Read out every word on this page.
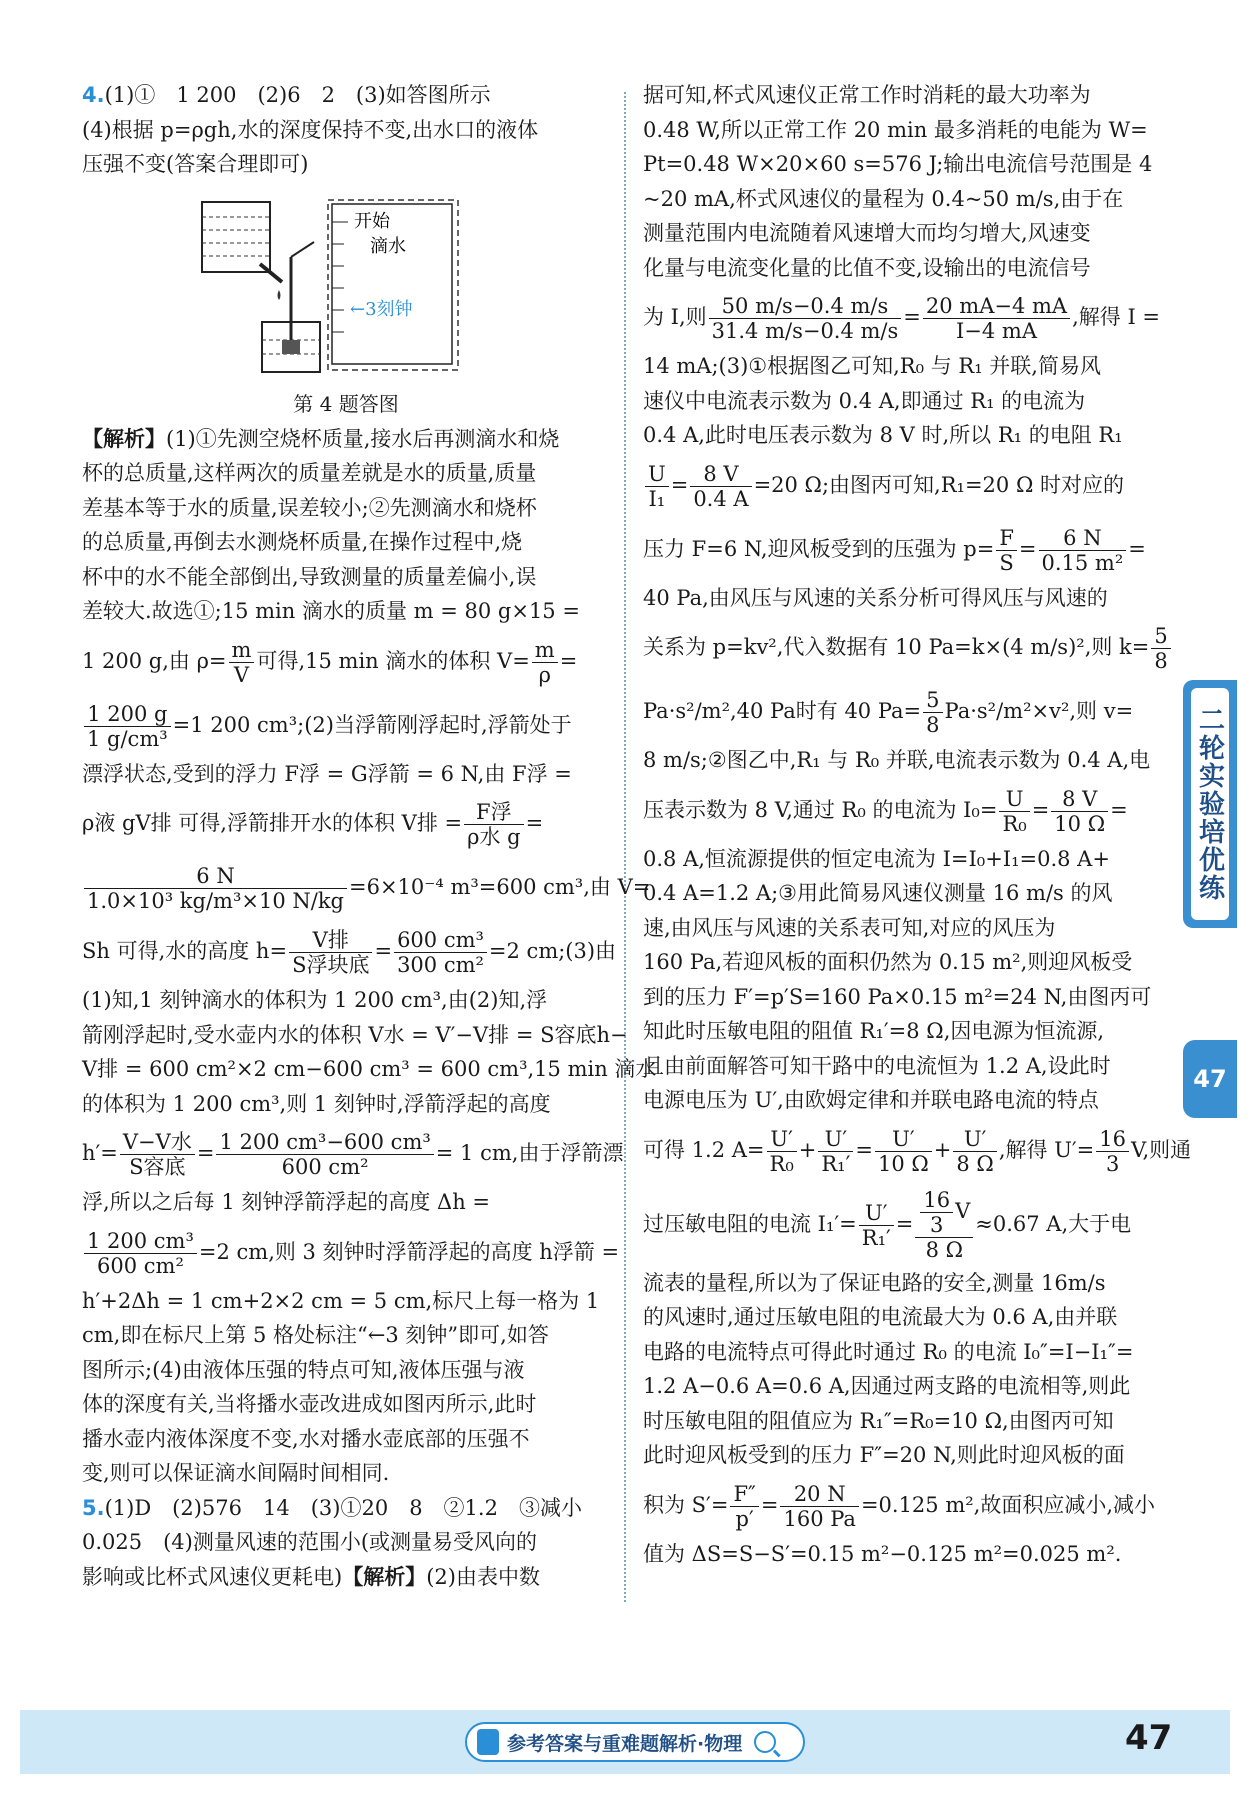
4.(1)①　1 200　(2)6　2　(3)如答图所示
(4)根据 p=ρgh,水的深度保持不变,出水口的液体
压强不变(答案合理即可)
开始
滴水
←3刻钟
第 4 题答图
【解析】(1)①先测空烧杯质量,接水后再测滴水和烧
杯的总质量,这样两次的质量差就是水的质量,质量
差基本等于水的质量,误差较小;②先测滴水和烧杯
的总质量,再倒去水测烧杯质量,在操作过程中,烧
杯中的水不能全部倒出,导致测量的质量差偏小,误
差较大.故选①;15 min 滴水的质量 m = 80 g×15 =
1 200 g,由 $\rho= \frac{m}{V}$ 可得,15 min 滴水的体积 $V= \frac{m}{\rho}$ =
$\frac{1 200 g}{\text{1 g/cm³}} =1$ 200 cm³;(2)当浮箭刚浮起时,浮箭处于
漂浮状态,受到的浮力 F浮 = G浮箭 = 6 N,由 F浮 =
ρ液 gV排 可得,浮箭排开水的体积 V排 = $\frac{\text{F浮}}{\text{ρ水 g}}$ =
$\frac{6 N}{\text{1.0×10³ kg/m³×10 N/kg}} =6\times 10^{-4}$ m³=600 cm³,由 V=
Sh 可得,水的高度 $h= \frac{\text{V排}}{\text{S浮块底}} = \frac{\text{600 cm³}}{\text{300 cm²}} =2$ cm;(3)由
(1)知,1 刻钟滴水的体积为 1 200 cm³,由(2)知,浮
箭刚浮起时,受水壶内水的体积 V水 = V′−V排 = S容底h−
V排 = 600 cm²×2 cm−600 cm³ = 600 cm³,15 min 滴水
的体积为 1 200 cm³,则 1 刻钟时,浮箭浮起的高度
$h'= \frac{\text{V−V水}}{\text{S容底}} = \frac{\text{1 200 cm³−600 cm³}}{\text{600 cm²}} = 1$ cm,由于浮箭漂
浮,所以之后每 1 刻钟浮箭浮起的高度 Δh =
$\frac{\text{1 200 cm³}}{\text{600 cm²}} =2$ cm,则 3 刻钟时浮箭浮起的高度 h浮箭 =
h′+2Δh = 1 cm+2×2 cm = 5 cm,标尺上每一格为 1
cm,即在标尺上第 5 格处标注“←3 刻钟”即可,如答
图所示;(4)由液体压强的特点可知,液体压强与液
体的深度有关,当将播水壶改进成如图丙所示,此时
播水壶内液体深度不变,水对播水壶底部的压强不
变,则可以保证滴水间隔时间相同.
5.(1)D　(2)576　14　(3)①20　8　②1.2　③减小
0.025　(4)测量风速的范围小(或测量易受风向的
影响或比杯式风速仪更耗电)【解析】(2)由表中数
据可知,杯式风速仪正常工作时消耗的最大功率为
0.48 W,所以正常工作 20 min 最多消耗的电能为 W=
Pt=0.48 W×20×60 s=576 J;输出电流信号范围是 4
~20 mA,杯式风速仪的量程为 0.4~50 m/s,由于在
测量范围内电流随着风速增大而均匀增大,风速变
化量与电流变化量的比值不变,设输出的电流信号
为 I,则 $\frac{50 m/s-0.4 m/s}{31.4 m/s-0.4 m/s} = \frac{20 mA-4 mA}{I-4 mA}$ ,解得 I =
14 mA;(3)①根据图乙可知,R₀ 与 R₁ 并联,简易风
速仪中电流表示数为 0.4 A,即通过 R₁ 的电流为
0.4 A,此时电压表示数为 8 V 时,所以 R₁ 的电阻 R₁
$\frac{U}{\text{I₁}} = \frac{8 V}{0.4 A} =20$ Ω;由图丙可知,R₁=20 Ω 时对应的
压力 F=6 N,迎风板受到的压强为 $p= \frac{F}{S} = \frac{6 N}{\text{0.15 m²}}$ =
40 Pa,由风压与风速的关系分析可得风压与风速的
关系为 p=kv²,代入数据有 10 Pa=k×(4 m/s)²,则 $k= \frac{5}{8}$
Pa·s²/m²,40 Pa时有 40 $Pa= \frac{5}{8} Pa\cdot s^2/m^2\times v^2$,则 v=
8 m/s;②图乙中,R₁ 与 R₀ 并联,电流表示数为 0.4 A,电
压表示数为 8 V,通过 R₀ 的电流为 $I_0= \frac{U}{\text{R₀}} = \frac{8 V}{10 \Omega}$ =
0.8 A,恒流源提供的恒定电流为 I=I₀+I₁=0.8 A+
0.4 A=1.2 A;③用此简易风速仪测量 16 m/s 的风
速,由风压与风速的关系表可知,对应的风压为
160 Pa,若迎风板的面积仍然为 0.15 m²,则迎风板受
到的压力 F′=p′S=160 Pa×0.15 m²=24 N,由图丙可
知此时压敏电阻的阻值 R₁′=8 Ω,因电源为恒流源,
且由前面解答可知干路中的电流恒为 1.2 A,设此时
电源电压为 U′,由欧姆定律和并联电路电流的特点
可得 1.2 $A= \frac{U'}{\text{R₀}} + \frac{U'}{\text{R₁′}} = \frac{U'}{10 \Omega} + \frac{U'}{8 \Omega}$ ,解得 $U'= \frac{16}{3} V$,则通
过压敏电阻的电流 $I_1'= \frac{U'}{\text{R₁′}} = \frac{\frac{16}{3} V}{8 \Omega} \approx 0.67$ A,大于电
流表的量程,所以为了保证电路的安全,测量 16m/s
的风速时,通过压敏电阻的电流最大为 0.6 A,由并联
电路的电流特点可得此时通过 R₀ 的电流 I₀″=I−I₁″=
1.2 A−0.6 A=0.6 A,因通过两支路的电流相等,则此
时压敏电阻的阻值应为 R₁″=R₀=10 Ω,由图丙可知
此时迎风板受到的压力 F″=20 N,则此时迎风板的面
积为 $S'= \frac{F''}{p'} = \frac{20 N}{160 Pa} =0.125$ m²,故面积应减小,减小
值为 ΔS=S−S′=0.15 m²−0.125 m²=0.025 m².
二轮实验培优练
47
参考答案与重难题解析·物理	47
